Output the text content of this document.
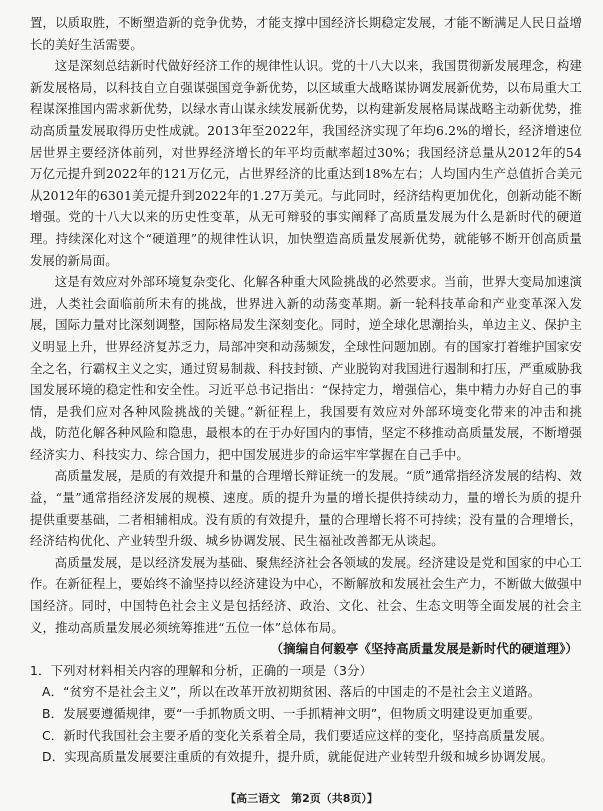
置，以质取胜，不断塑造新的竞争优势，才能支撑中国经济长期稳定发展，才能不断满足人民日益增长的美好生活需要。

这是深刻总结新时代做好经济工作的规律性认识。党的十八大以来，我国贯彻新发展理念，构建新发展格局，以科技自立自强谋强国竞争新优势，以区域重大战略谋协调发展新优势，以布局重大工程谋深推国内需求新优势，以绿水青山谋永续发展新优势，以构建新发展格局谋战略主动新优势，推动高质量发展取得历史性成就。2013年至2022年，我国经济实现了年均6.2%的增长，经济增速位居世界主要经济体前列，对世界经济增长的年平均贡献率超过30%；我国经济总量从2012年的54万亿元提升到2022年的121万亿元，占世界经济的比重达到18%左右；人均国内生产总值折合美元从2012年的6301美元提升到2022年的1.27万美元。与此同时，经济结构更加优化，创新动能不断增强。党的十八大以来的历史性变革，从无可辩驳的事实阐释了高质量发展为什么是新时代的硬道理。持续深化对这个“硬道理”的规律性认识，加快塑造高质量发展新优势，就能够不断开创高质量发展的新局面。

这是有效应对外部环境复杂变化、化解各种重大风险挑战的必然要求。当前，世界大变局加速演进，人类社会面临前所未有的挑战，世界进入新的动荡变革期。新一轮科技革命和产业变革深入发展，国际力量对比深刻调整，国际格局发生深刻变化。同时，逆全球化思潮抬头，单边主义、保护主义明显上升，世界经济复苏乏力，局部冲突和动荡频发，全球性问题加剧。有的国家打着维护国家安全之名，行霸权主义之实，通过贸易制裁、科技封锁、产业脱钩对我国进行遏制和打压，严重威胁我国发展环境的稳定性和安全性。习近平总书记指出：“保持定力，增强信心，集中精力办好自己的事情，是我们应对各种风险挑战的关键。”新征程上，我国要有效应对外部环境变化带来的冲击和挑战，防范化解各种风险和隐患，最根本的在于办好国内的事情，坚定不移推动高质量发展，不断增强经济实力、科技实力、综合国力，把中国发展进步的命运牢牢掌握在自己手中。

高质量发展，是质的有效提升和量的合理增长辩证统一的发展。“质”通常指经济发展的结构、效益，“量”通常指经济发展的规模、速度。质的提升为量的增长提供持续动力，量的增长为质的提升提供重要基础，二者相辅相成。没有质的有效提升，量的合理增长将不可持续；没有量的合理增长，经济结构优化、产业转型升级、城乡协调发展、民生福祉改善都无从谈起。

高质量发展，是以经济发展为基础、聚焦经济社会各领域的发展。经济建设是党和国家的中心工作。在新征程上，要始终不渝坚持以经济建设为中心，不断解放和发展社会生产力，不断做大做强中国经济。同时，中国特色社会主义是包括经济、政治、文化、社会、生态文明等全面发展的社会主义，推动高质量发展必须统筹推进“五位一体”总体布局。

（摘编自何毅亭《坚持高质量发展是新时代的硬道理》）

1．下列对材料相关内容的理解和分析，正确的一项是（3分）

A．“贫穷不是社会主义”，所以在改革开放初期贫困、落后的中国走的不是社会主义道路。

B．发展要遵循规律，要“一手抓物质文明、一手抓精神文明”，但物质文明建设更加重要。

C．新时代我国社会主要矛盾的变化关系着全局，我们要适应这样的变化，坚持高质量发展。

D．实现高质量发展要注重质的有效提升，提升质，就能促进产业转型升级和城乡协调发展。

【高三语文　第2页（共8页）】
